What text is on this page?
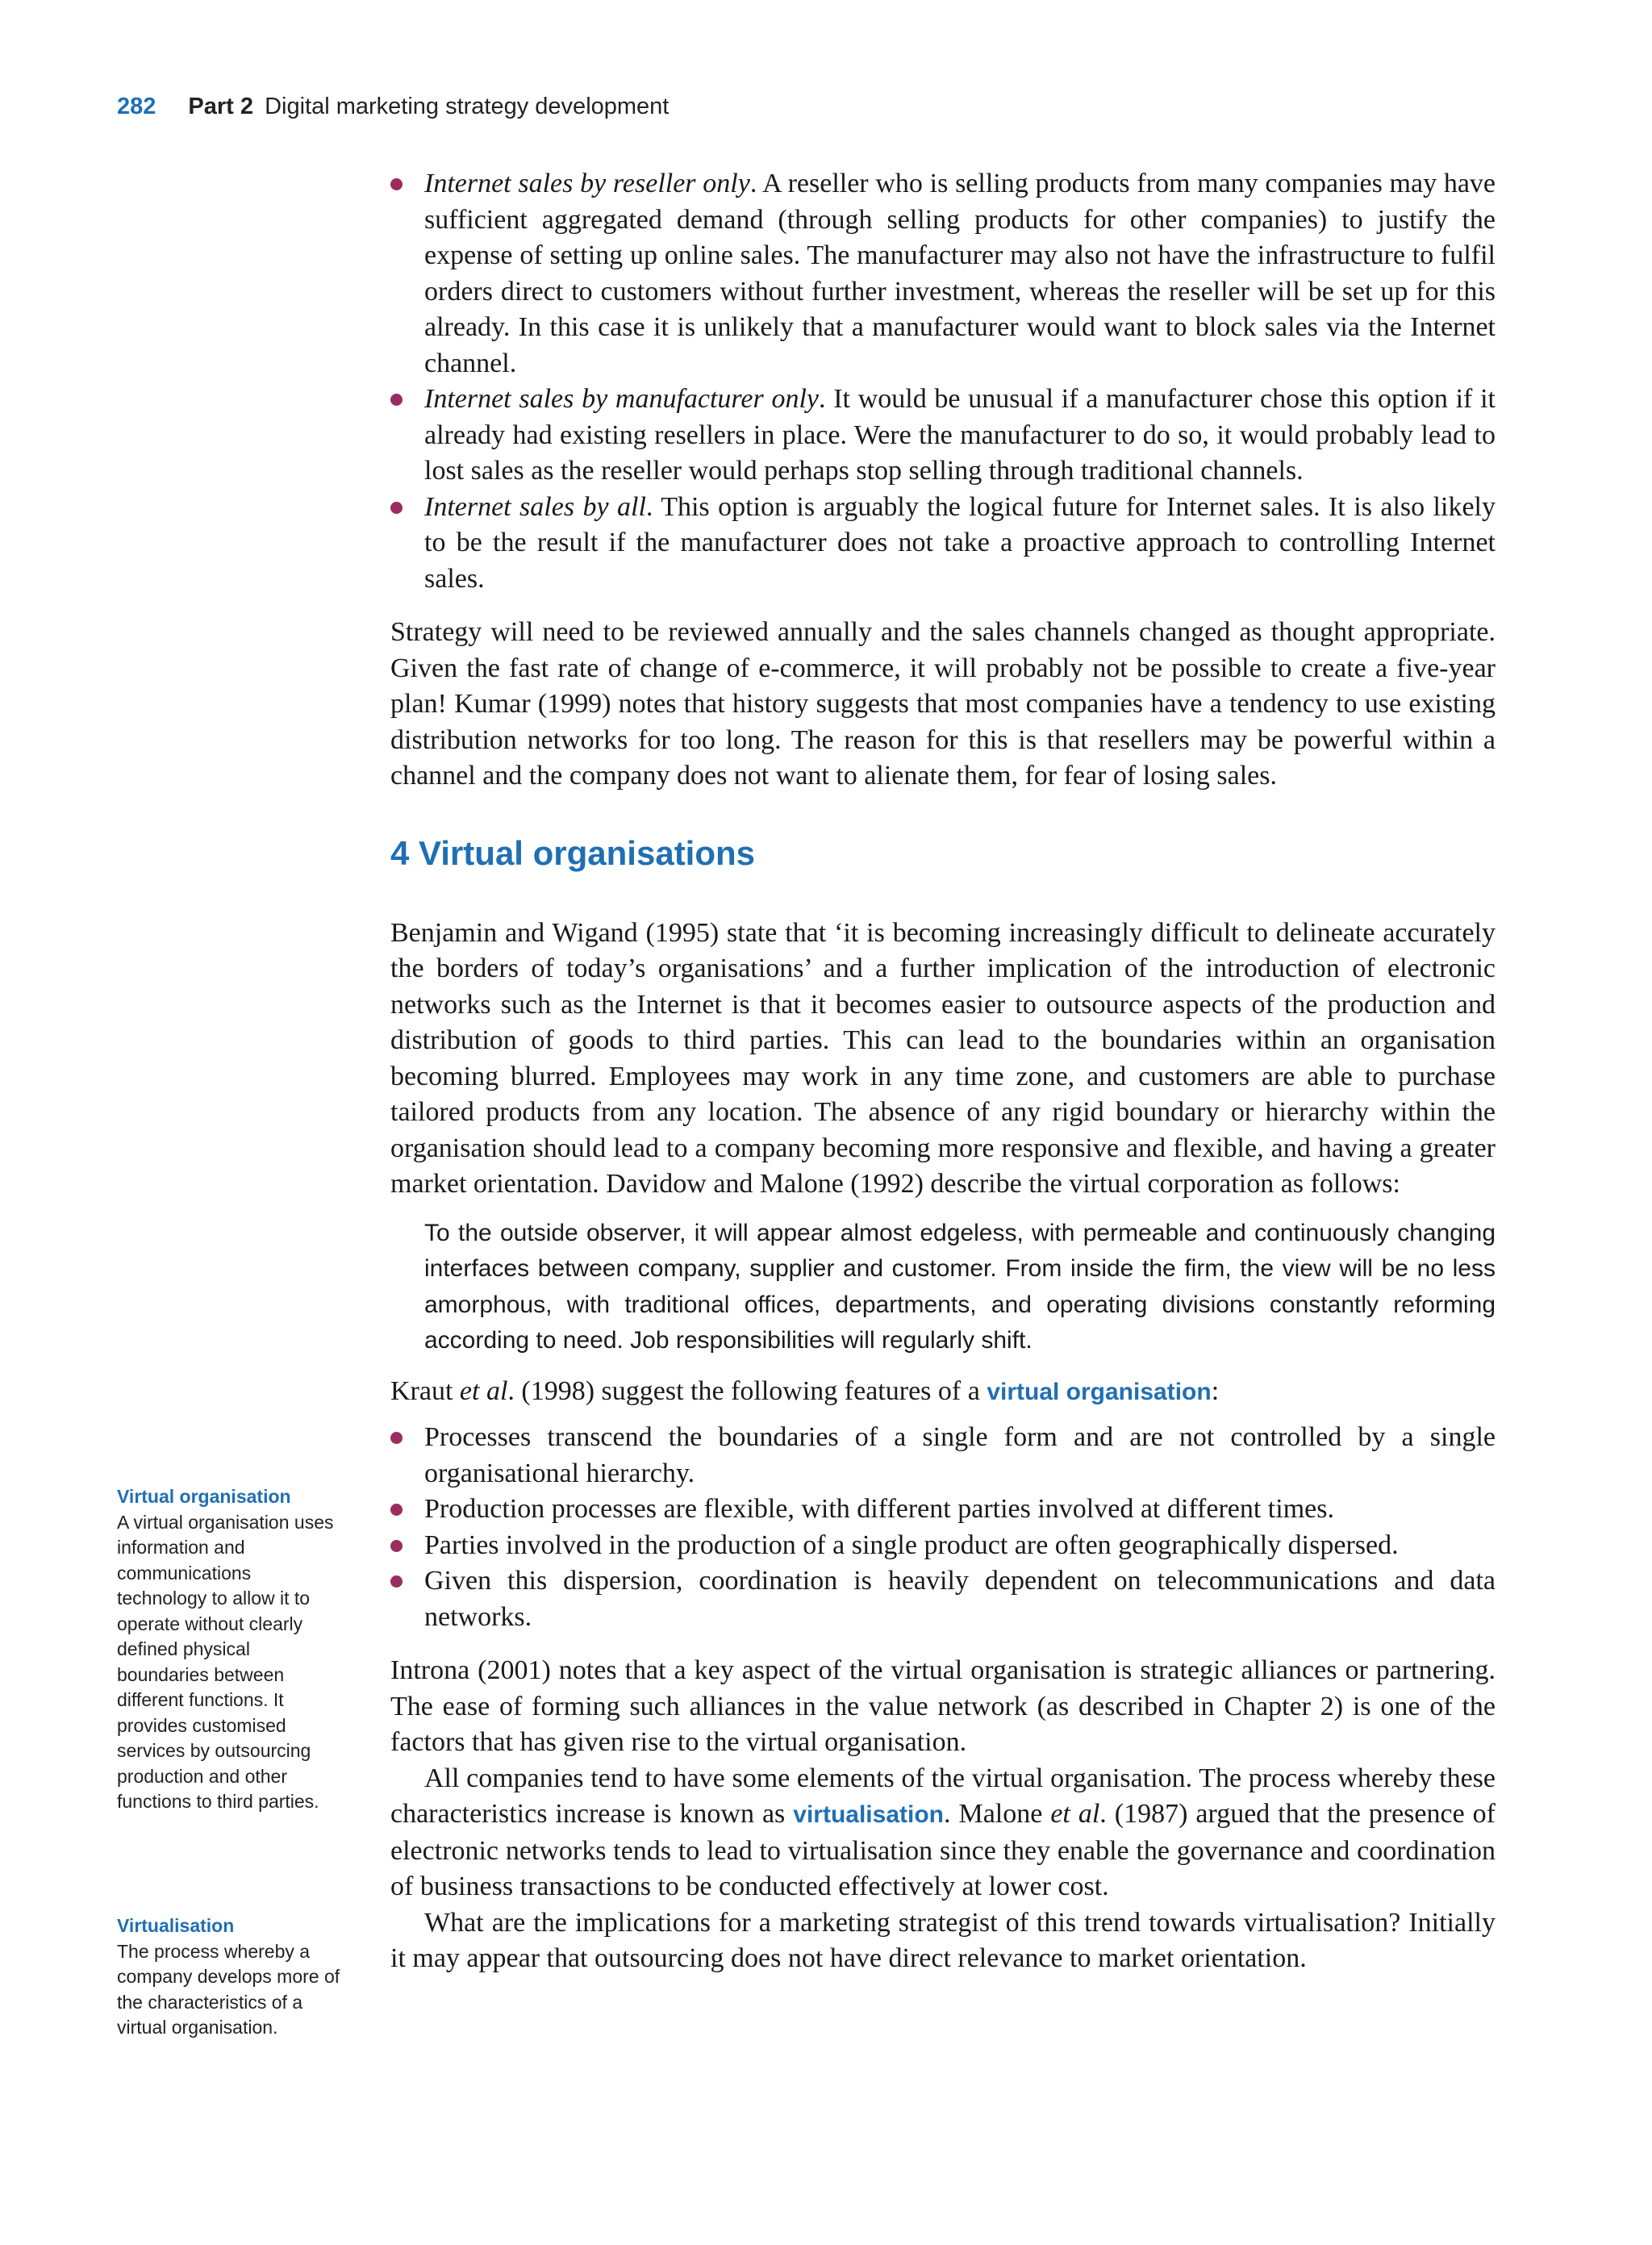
282 Part 2 Digital marketing strategy development
Internet sales by reseller only. A reseller who is selling products from many companies may have sufficient aggregated demand (through selling products for other companies) to justify the expense of setting up online sales. The manufacturer may also not have the infrastructure to fulfil orders direct to customers without further investment, whereas the reseller will be set up for this already. In this case it is unlikely that a manufacturer would want to block sales via the Internet channel.
Internet sales by manufacturer only. It would be unusual if a manufacturer chose this option if it already had existing resellers in place. Were the manufacturer to do so, it would probably lead to lost sales as the reseller would perhaps stop selling through traditional channels.
Internet sales by all. This option is arguably the logical future for Internet sales. It is also likely to be the result if the manufacturer does not take a proactive approach to controlling Internet sales.

Strategy will need to be reviewed annually and the sales channels changed as thought appropriate. Given the fast rate of change of e-commerce, it will probably not be possible to create a five-year plan! Kumar (1999) notes that history suggests that most companies have a tendency to use existing distribution networks for too long. The reason for this is that resellers may be powerful within a channel and the company does not want to alienate them, for fear of losing sales.

4 Virtual organisations

Benjamin and Wigand (1995) state that ‘it is becoming increasingly difficult to delineate accurately the borders of today’s organisations’ and a further implication of the introduction of electronic networks such as the Internet is that it becomes easier to outsource aspects of the production and distribution of goods to third parties. This can lead to the boundaries within an organisation becoming blurred. Employees may work in any time zone, and customers are able to purchase tailored products from any location. The absence of any rigid boundary or hierarchy within the organisation should lead to a company becoming more responsive and flexible, and having a greater market orientation. Davidow and Malone (1992) describe the virtual corporation as follows:

To the outside observer, it will appear almost edgeless, with permeable and continuously changing interfaces between company, supplier and customer. From inside the firm, the view will be no less amorphous, with traditional offices, departments, and operating divisions constantly reforming according to need. Job responsibilities will regularly shift.

Kraut et al. (1998) suggest the following features of a virtual organisation:

Processes transcend the boundaries of a single form and are not controlled by a single organisational hierarchy.
Production processes are flexible, with different parties involved at different times.
Parties involved in the production of a single product are often geographically dispersed.
Given this dispersion, coordination is heavily dependent on telecommunications and data networks.

Introna (2001) notes that a key aspect of the virtual organisation is strategic alliances or partnering. The ease of forming such alliances in the value network (as described in Chapter 2) is one of the factors that has given rise to the virtual organisation.

All companies tend to have some elements of the virtual organisation. The process whereby these characteristics increase is known as virtualisation. Malone et al. (1987) argued that the presence of electronic networks tends to lead to virtualisation since they enable the governance and coordination of business transactions to be conducted effectively at lower cost.

What are the implications for a marketing strategist of this trend towards virtualisation? Initially it may appear that outsourcing does not have direct relevance to market orientation.

Virtual organisation
A virtual organisation uses information and communications technology to allow it to operate without clearly defined physical boundaries between different functions. It provides customised services by outsourcing production and other functions to third parties.
Virtualisation
The process whereby a company develops more of the characteristics of a virtual organisation.
